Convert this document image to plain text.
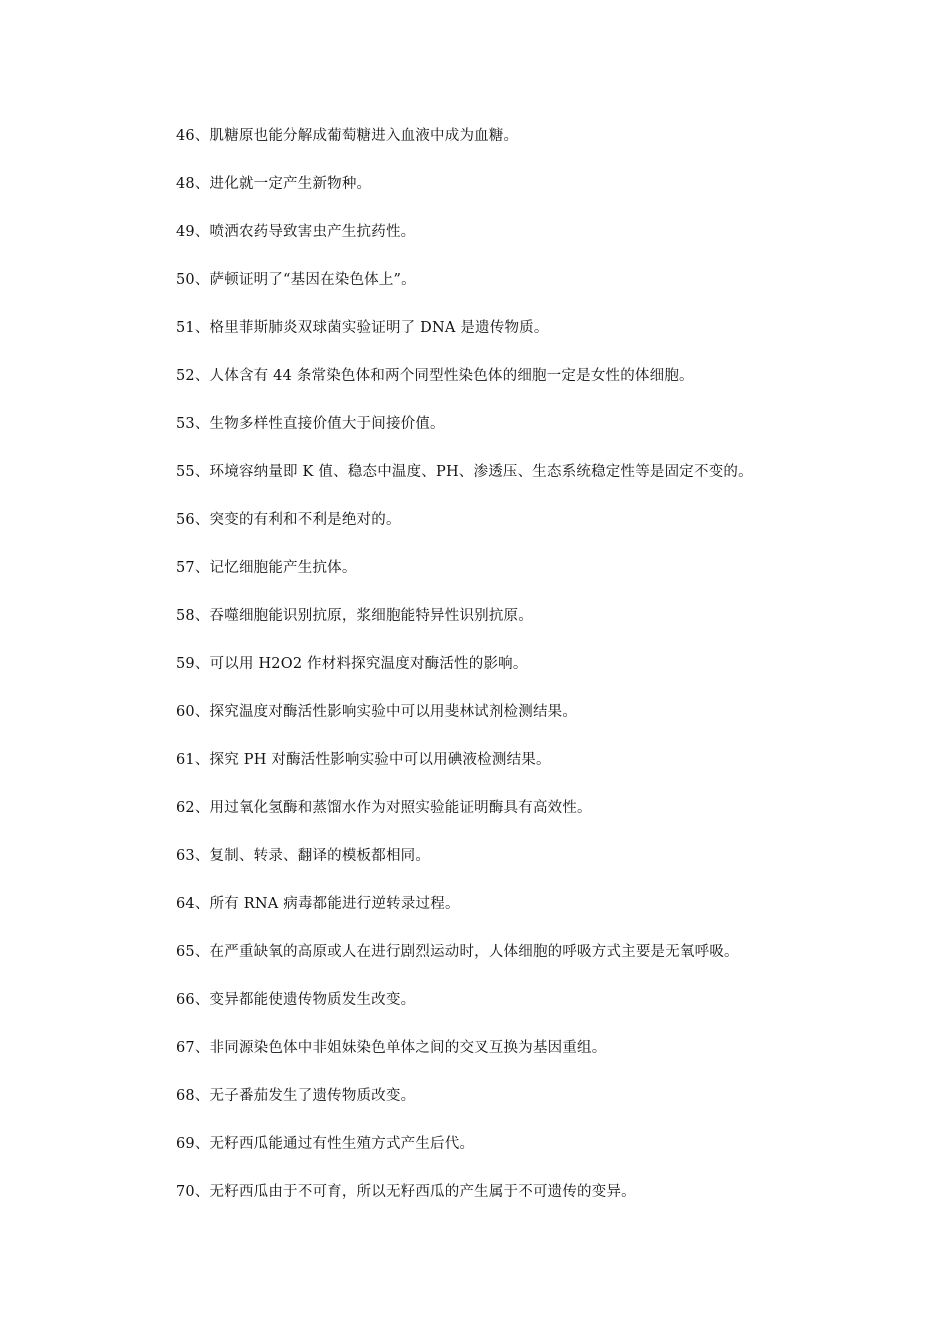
46、肌糖原也能分解成葡萄糖进入血液中成为血糖。
48、进化就一定产生新物种。
49、喷洒农药导致害虫产生抗药性。
50、萨顿证明了“基因在染色体上”。
51、格里菲斯肺炎双球菌实验证明了 DNA 是遗传物质。
52、人体含有 44 条常染色体和两个同型性染色体的细胞一定是女性的体细胞。
53、生物多样性直接价值大于间接价值。
55、环境容纳量即 K 值、稳态中温度、PH、渗透压、生态系统稳定性等是固定不变的。
56、突变的有利和不利是绝对的。
57、记忆细胞能产生抗体。
58、吞噬细胞能识别抗原，浆细胞能特异性识别抗原。
59、可以用 H2O2 作材料探究温度对酶活性的影响。
60、探究温度对酶活性影响实验中可以用斐林试剂检测结果。
61、探究 PH 对酶活性影响实验中可以用碘液检测结果。
62、用过氧化氢酶和蒸馏水作为对照实验能证明酶具有高效性。
63、复制、转录、翻译的模板都相同。
64、所有 RNA 病毒都能进行逆转录过程。
65、在严重缺氧的高原或人在进行剧烈运动时，人体细胞的呼吸方式主要是无氧呼吸。
66、变异都能使遗传物质发生改变。
67、非同源染色体中非姐妹染色单体之间的交叉互换为基因重组。
68、无子番茄发生了遗传物质改变。
69、无籽西瓜能通过有性生殖方式产生后代。
70、无籽西瓜由于不可育，所以无籽西瓜的产生属于不可遗传的变异。
